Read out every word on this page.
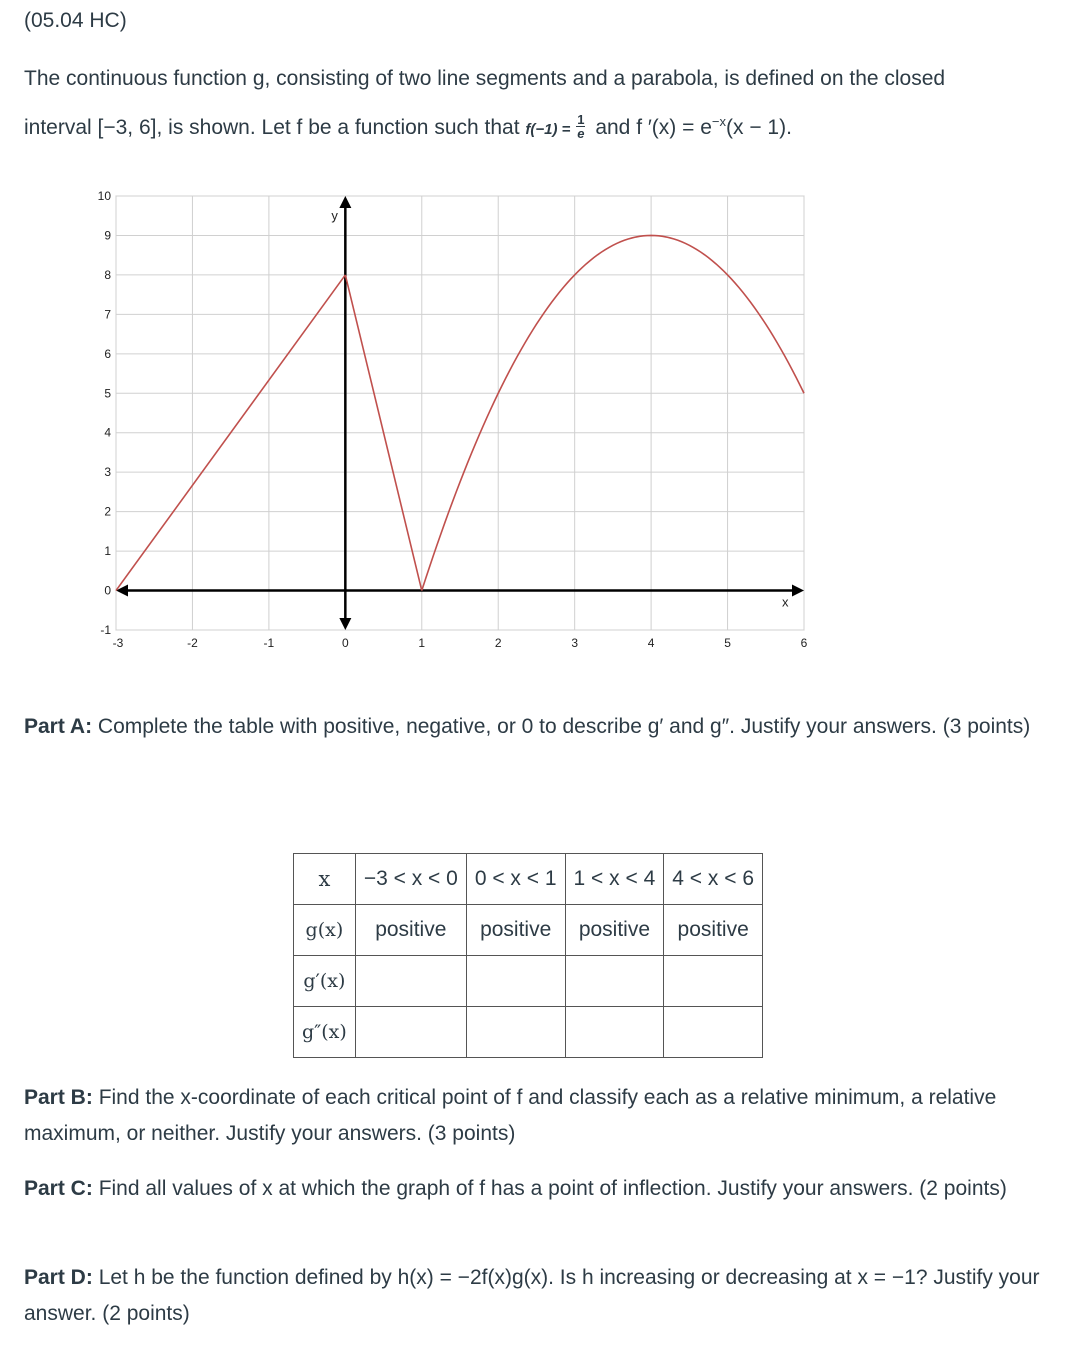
(05.04 HC)
The continuous function g, consisting of two line segments and a parabola, is defined on the closed
interval [−3, 6], is shown. Let f be a function such that $f(-1) = \frac{1}{e}$ and f $'(x) = e^{-x}(x - 1)$.
x
y
-3	-2	-1	0	1	2	3	4	5	6
-1
0
1
2
3
4
5
6
7
8
9
10
Part A: Complete the table with positive, negative, or 0 to describe g′ and g″. Justify your answers. (3 points)
x	−3 < x < 0	0 < x < 1	1 < x < 4	4 < x < 6
g(x)	positive	positive	positive	positive
g′(x)				
g″(x)				
Part B: Find the x-coordinate of each critical point of f and classify each as a relative minimum, a relative maximum, or neither. Justify your answers. (3 points)
Part C: Find all values of x at which the graph of f has a point of inflection. Justify your answers. (2 points)
Part D: Let h be the function defined by h(x) = −2f(x)g(x). Is h increasing or decreasing at x = −1? Justify your answer. (2 points)
